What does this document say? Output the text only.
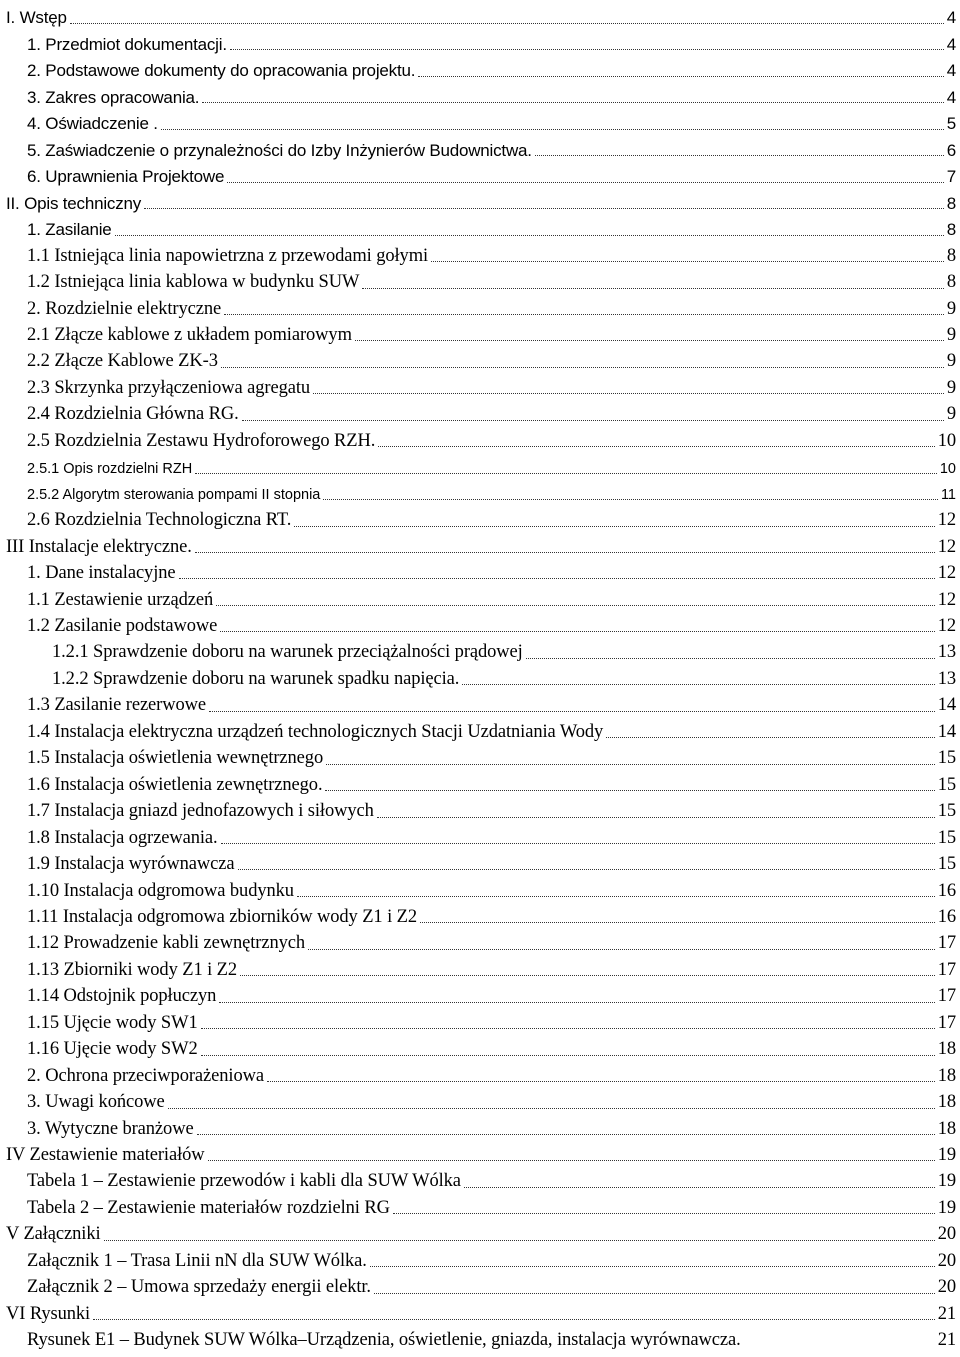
I. Wstęp	4
1. Przedmiot dokumentacji.	4
2. Podstawowe dokumenty do opracowania projektu.	4
3. Zakres opracowania.	4
4. Oświadczenie .	5
5. Zaświadczenie o przynależności do Izby Inżynierów Budownictwa.	6
6. Uprawnienia Projektowe	7
II. Opis techniczny	8
1. Zasilanie	8
1.1 Istniejąca linia napowietrzna z przewodami gołymi	8
1.2 Istniejąca linia kablowa w budynku SUW	8
2. Rozdzielnie elektryczne	9
2.1 Złącze kablowe z układem pomiarowym	9
2.2 Złącze Kablowe ZK-3	9
2.3 Skrzynka przyłączeniowa agregatu	9
2.4 Rozdzielnia Główna RG.	9
2.5 Rozdzielnia Zestawu Hydroforowego RZH.	10
2.5.1 Opis rozdzielni RZH	10
2.5.2 Algorytm sterowania pompami II stopnia	11
2.6 Rozdzielnia Technologiczna RT.	12
III Instalacje elektryczne.	12
1. Dane instalacyjne	12
1.1 Zestawienie urządzeń	12
1.2 Zasilanie podstawowe	12
1.2.1 Sprawdzenie doboru na warunek przeciążalności prądowej	13
1.2.2 Sprawdzenie doboru na warunek spadku napięcia.	13
1.3 Zasilanie rezerwowe	14
1.4 Instalacja elektryczna urządzeń technologicznych Stacji Uzdatniania Wody	14
1.5 Instalacja oświetlenia wewnętrznego	15
1.6 Instalacja oświetlenia zewnętrznego.	15
1.7 Instalacja gniazd jednofazowych i siłowych	15
1.8 Instalacja ogrzewania.	15
1.9 Instalacja wyrównawcza	15
1.10 Instalacja odgromowa budynku	16
1.11 Instalacja odgromowa zbiorników wody Z1 i Z2	16
1.12 Prowadzenie kabli zewnętrznych	17
1.13 Zbiorniki wody Z1 i Z2	17
1.14 Odstojnik popłuczyn	17
1.15 Ujęcie wody SW1	17
1.16 Ujęcie wody SW2	18
2. Ochrona przeciwporażeniowa	18
3. Uwagi końcowe	18
3. Wytyczne branżowe	18
IV Zestawienie materiałów	19
Tabela 1 – Zestawienie przewodów i kabli dla SUW Wólka	19
Tabela 2 – Zestawienie materiałów rozdzielni RG	19
V Załączniki	20
Załącznik 1 – Trasa Linii nN dla SUW Wólka.	20
Załącznik 2 – Umowa sprzedaży energii elektr.	20
VI Rysunki	21
Rysunek E1 – Budynek SUW Wólka–Urządzenia, oświetlenie, gniazda, instalacja wyrównawcza.	21
